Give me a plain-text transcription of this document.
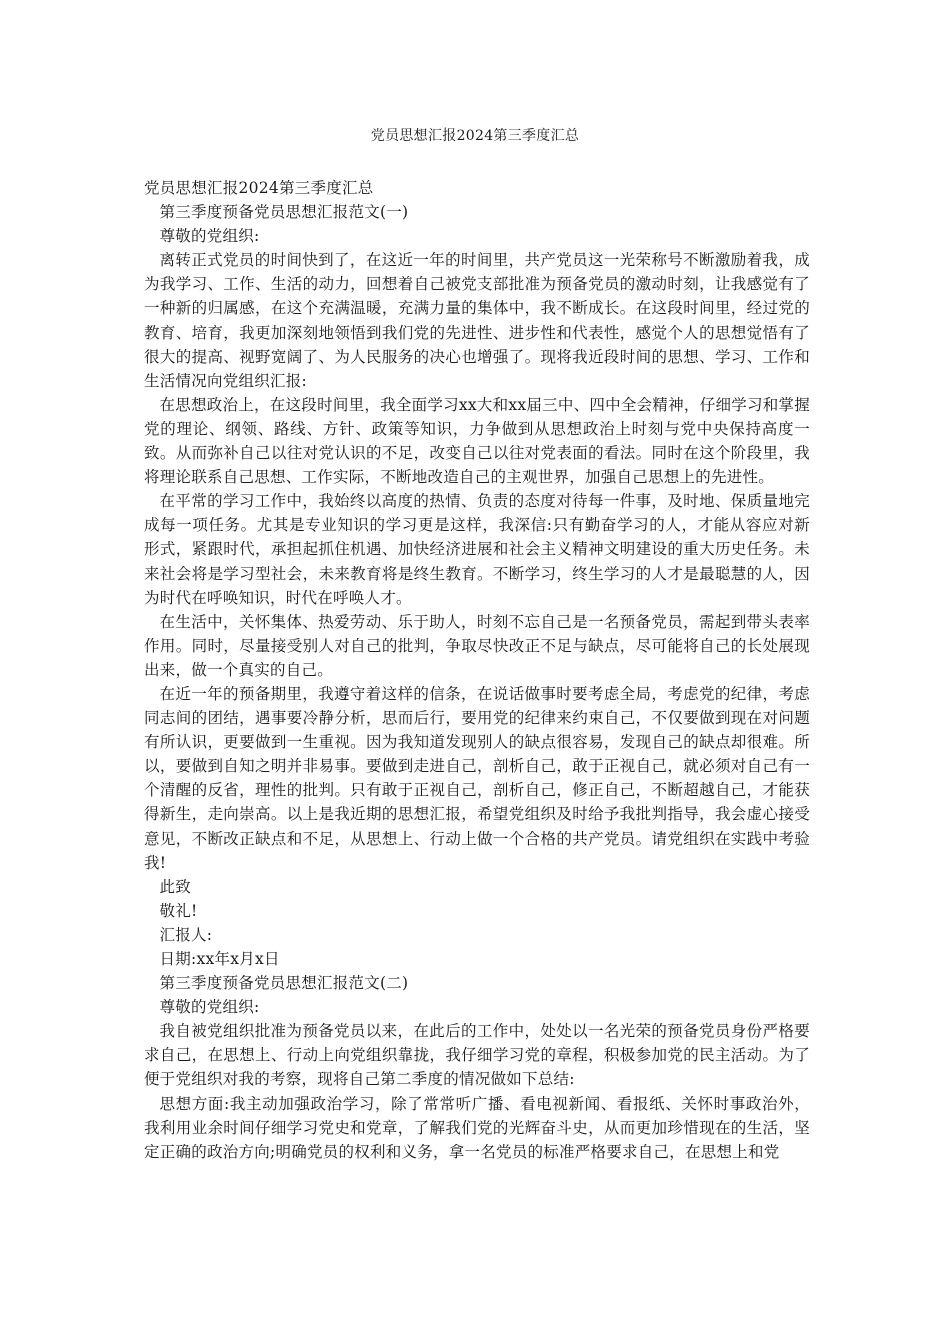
党员思想汇报2024第三季度汇总

党员思想汇报2024第三季度汇总

第三季度预备党员思想汇报范文(一)

尊敬的党组织:

离转正式党员的时间快到了，在这近一年的时间里，共产党员这一光荣称号不断激励着我，成为我学习、工作、生活的动力，回想着自己被党支部批准为预备党员的激动时刻，让我感觉有了一种新的归属感，在这个充满温暖，充满力量的集体中，我不断成长。在这段时间里，经过党的教育、培育，我更加深刻地领悟到我们党的先进性、进步性和代表性，感觉个人的思想觉悟有了很大的提高、视野宽阔了、为人民服务的决心也增强了。现将我近段时间的思想、学习、工作和生活情况向党组织汇报:

在思想政治上，在这段时间里，我全面学习xx大和xx届三中、四中全会精神，仔细学习和掌握党的理论、纲领、路线、方针、政策等知识，力争做到从思想政治上时刻与党中央保持高度一致。从而弥补自己以往对党认识的不足，改变自己以往对党表面的看法。同时在这个阶段里，我将理论联系自己思想、工作实际，不断地改造自己的主观世界，加强自己思想上的先进性。

在平常的学习工作中，我始终以高度的热情、负责的态度对待每一件事，及时地、保质量地完成每一项任务。尤其是专业知识的学习更是这样，我深信:只有勤奋学习的人，才能从容应对新形式，紧跟时代，承担起抓住机遇、加快经济进展和社会主义精神文明建设的重大历史任务。未来社会将是学习型社会，未来教育将是终生教育。不断学习，终生学习的人才是最聪慧的人，因为时代在呼唤知识，时代在呼唤人才。

在生活中，关怀集体、热爱劳动、乐于助人，时刻不忘自己是一名预备党员，需起到带头表率作用。同时，尽量接受别人对自己的批判，争取尽快改正不足与缺点，尽可能将自己的长处展现出来，做一个真实的自己。

在近一年的预备期里，我遵守着这样的信条，在说话做事时要考虑全局，考虑党的纪律，考虑同志间的团结，遇事要冷静分析，思而后行，要用党的纪律来约束自己，不仅要做到现在对问题有所认识，更要做到一生重视。因为我知道发现别人的缺点很容易，发现自己的缺点却很难。所以，要做到自知之明并非易事。要做到走进自己，剖析自己，敢于正视自己，就必须对自己有一个清醒的反省，理性的批判。只有敢于正视自己，剖析自己，修正自己，不断超越自己，才能获得新生，走向崇高。以上是我近期的思想汇报，希望党组织及时给予我批判指导，我会虚心接受意见，不断改正缺点和不足，从思想上、行动上做一个合格的共产党员。请党组织在实践中考验我!

此致

敬礼!

汇报人:

日期:xx年x月x日

第三季度预备党员思想汇报范文(二)

尊敬的党组织:

我自被党组织批准为预备党员以来，在此后的工作中，处处以一名光荣的预备党员身份严格要求自己，在思想上、行动上向党组织靠拢，我仔细学习党的章程，积极参加党的民主活动。为了便于党组织对我的考察，现将自己第二季度的情况做如下总结:

思想方面:我主动加强政治学习，除了常常听广播、看电视新闻、看报纸、关怀时事政治外，我利用业余时间仔细学习党史和党章，了解我们党的光辉奋斗史，从而更加珍惜现在的生活，坚定正确的政治方向;明确党员的权利和义务，拿一名党员的标准严格要求自己，在思想上和党
